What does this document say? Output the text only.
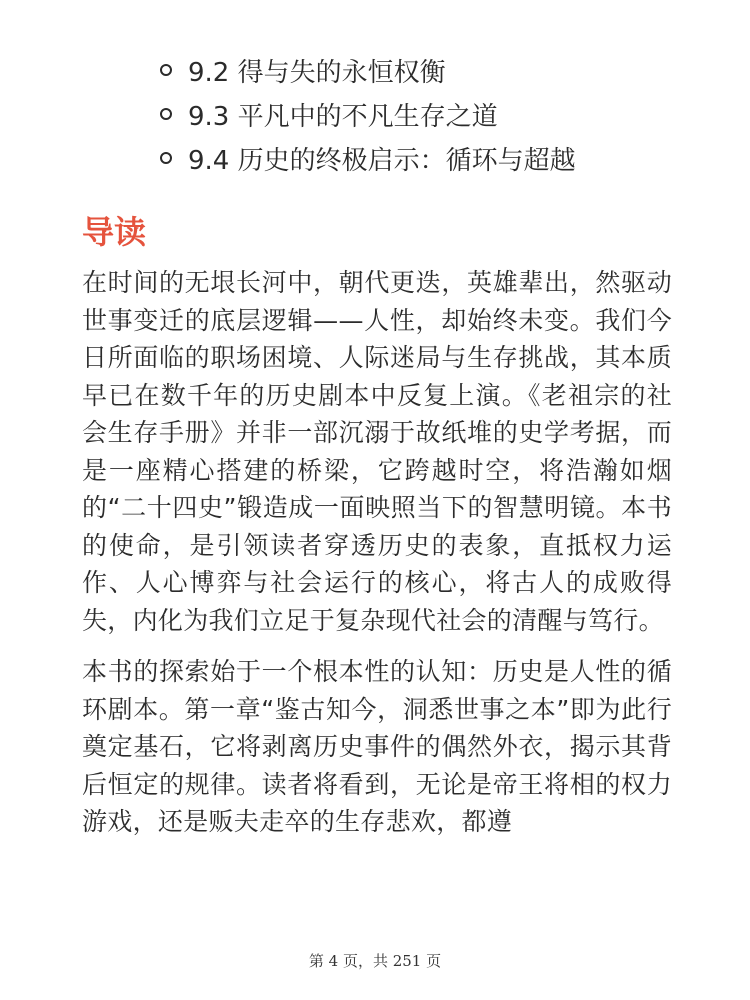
9.2 得与失的永恒权衡
9.3 平凡中的不凡生存之道
9.4 历史的终极启示：循环与超越
导读

在时间的无垠长河中，朝代更迭，英雄辈出，然驱动世事变迁的底层逻辑——人性，却始终未变。我们今日所面临的职场困境、人际迷局与生存挑战，其本质早已在数千年的历史剧本中反复上演。《老祖宗的社会生存手册》并非一部沉溺于故纸堆的史学考据，而是一座精心搭建的桥梁，它跨越时空，将浩瀚如烟的“二十四史”锻造成一面映照当下的智慧明镜。本书的使命，是引领读者穿透历史的表象，直抵权力运作、人心博弈与社会运行的核心，将古人的成败得失，内化为我们立足于复杂现代社会的清醒与笃行。

本书的探索始于一个根本性的认知：历史是人性的循环剧本。第一章“鉴古知今，洞悉世事之本”即为此行奠定基石，它将剥离历史事件的偶然外衣，揭示其背后恒定的规律。读者将看到，无论是帝王将相的权力游戏，还是贩夫走卒的生存悲欢，都遵

第 4 页，共 251 页
